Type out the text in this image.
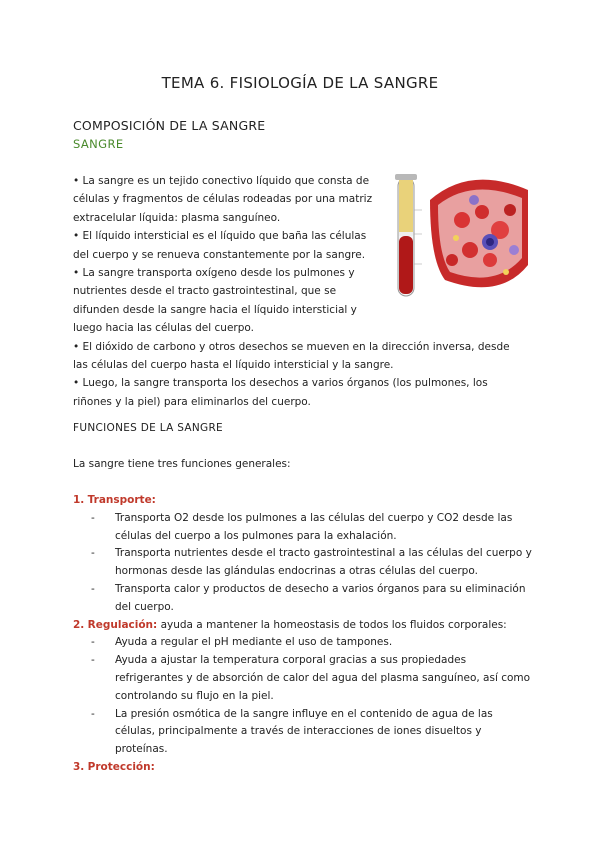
TEMA 6. FISIOLOGÍA DE LA SANGRE
COMPOSICIÓN DE LA SANGRE
SANGRE

• La sangre es un tejido conectivo líquido que consta de células y fragmentos de células rodeadas por una matriz extracelular líquida: plasma sanguíneo.

• El líquido intersticial es el líquido que baña las células del cuerpo y se renueva constantemente por la sangre.

• La sangre transporta oxígeno desde los pulmones y nutrientes desde el tracto gastrointestinal, que se difunden desde la sangre hacia el líquido intersticial y luego hacia las células del cuerpo.

• El dióxido de carbono y otros desechos se mueven en la dirección inversa, desde las células del cuerpo hasta el líquido intersticial y la sangre.

• Luego, la sangre transporta los desechos a varios órganos (los pulmones, los riñones y la piel) para eliminarlos del cuerpo.

FUNCIONES DE LA SANGRE
La sangre tiene tres funciones generales:

1. Transporte:

- Transporta O2 desde los pulmones a las células del cuerpo y CO2 desde las células del cuerpo a los pulmones para la exhalación.
- Transporta nutrientes desde el tracto gastrointestinal a las células del cuerpo y hormonas desde las glándulas endocrinas a otras células del cuerpo.
- Transporta calor y productos de desecho a varios órganos para su eliminación del cuerpo.

2. Regulación: ayuda a mantener la homeostasis de todos los fluidos corporales:

- Ayuda a regular el pH mediante el uso de tampones.
- Ayuda a ajustar la temperatura corporal gracias a sus propiedades refrigerantes y de absorción de calor del agua del plasma sanguíneo, así como controlando su flujo en la piel.
- La presión osmótica de la sangre influye en el contenido de agua de las células, principalmente a través de interacciones de iones disueltos y proteínas.

3. Protección:
